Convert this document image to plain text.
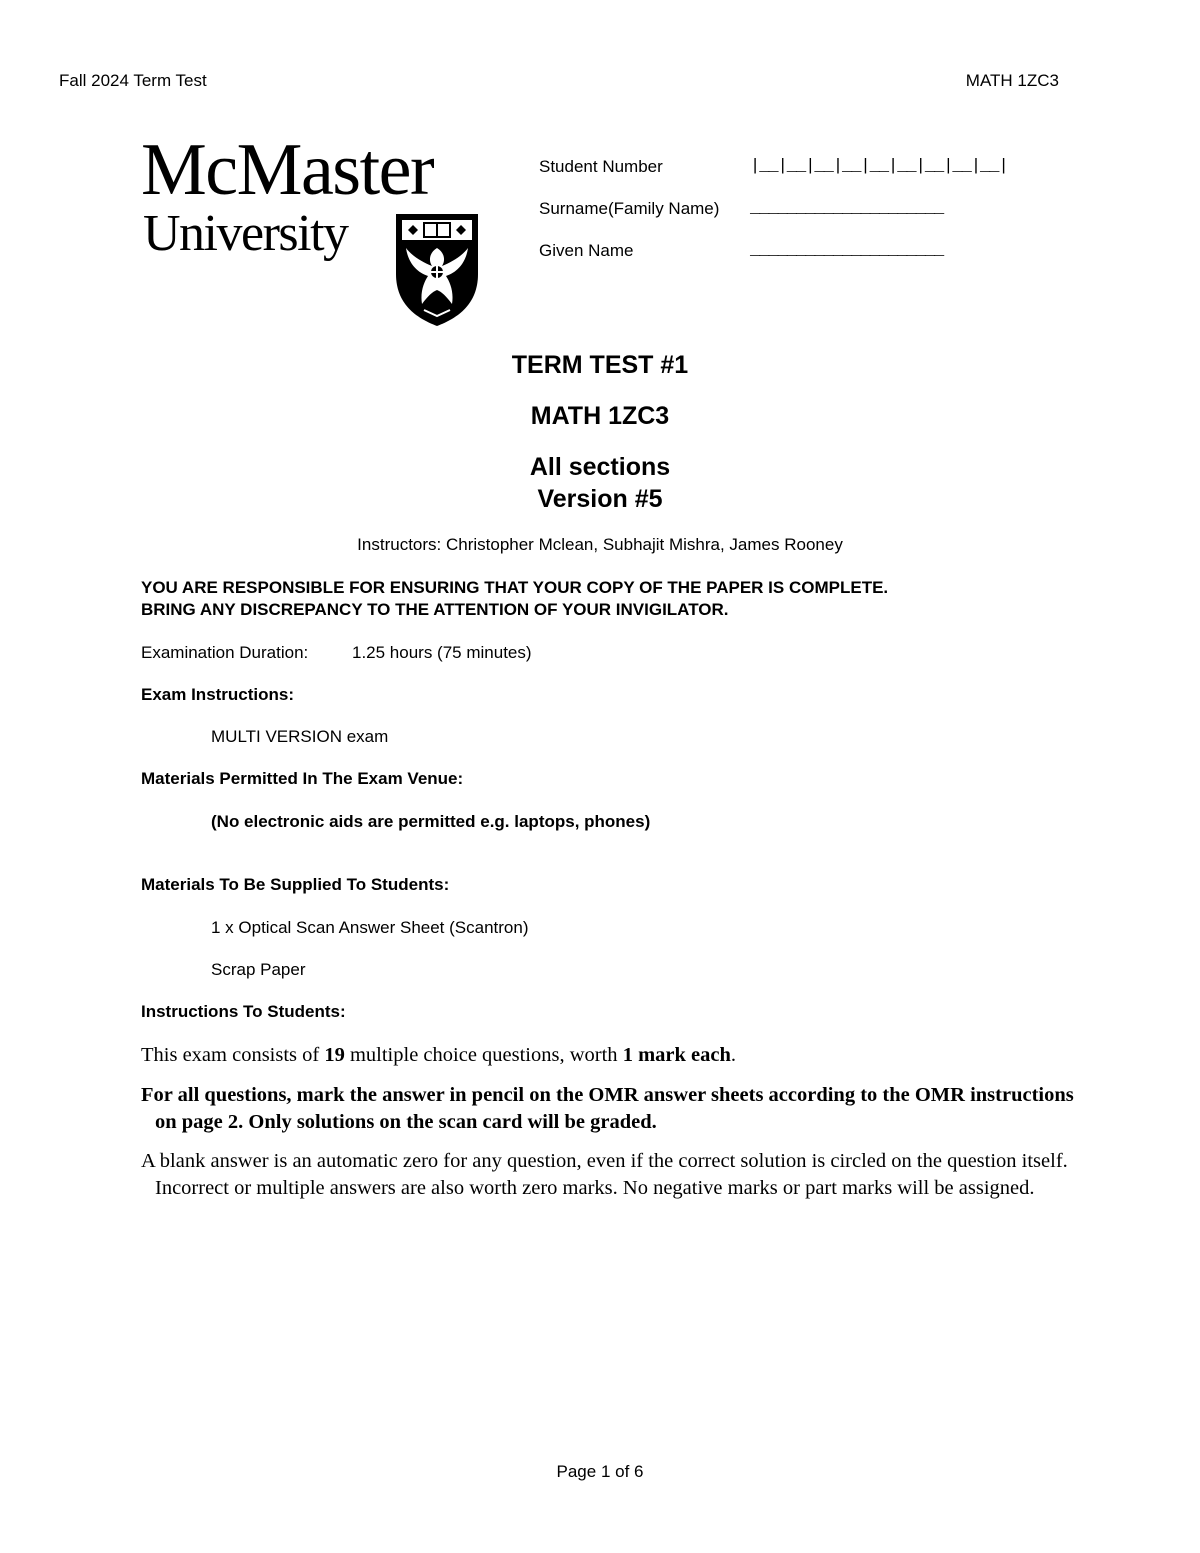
Fall 2024 Term Test	MATH 1ZC3
McMaster
University
Student Number	|__|__|__|__|__|__|__|__|__|
Surname(Family Name) _____________________
Given Name	_____________________
TERM TEST #1
MATH 1ZC3
All sections
Version #5
Instructors: Christopher Mclean, Subhajit Mishra, James Rooney
YOU ARE RESPONSIBLE FOR ENSURING THAT YOUR COPY OF THE PAPER IS COMPLETE.
BRING ANY DISCREPANCY TO THE ATTENTION OF YOUR INVIGILATOR.
Examination Duration:	1.25 hours (75 minutes)
Exam Instructions:
MULTI VERSION exam
Materials Permitted In The Exam Venue:
(No electronic aids are permitted e.g. laptops, phones)
Materials To Be Supplied To Students:
1 x Optical Scan Answer Sheet (Scantron)
Scrap Paper
Instructions To Students:
This exam consists of 19 multiple choice questions, worth 1 mark each.
For all questions, mark the answer in pencil on the OMR answer sheets according to the OMR instructions on page 2. Only solutions on the scan card will be graded.
A blank answer is an automatic zero for any question, even if the correct solution is circled on the question itself. Incorrect or multiple answers are also worth zero marks. No negative marks or part marks will be assigned.
Page 1 of 6
